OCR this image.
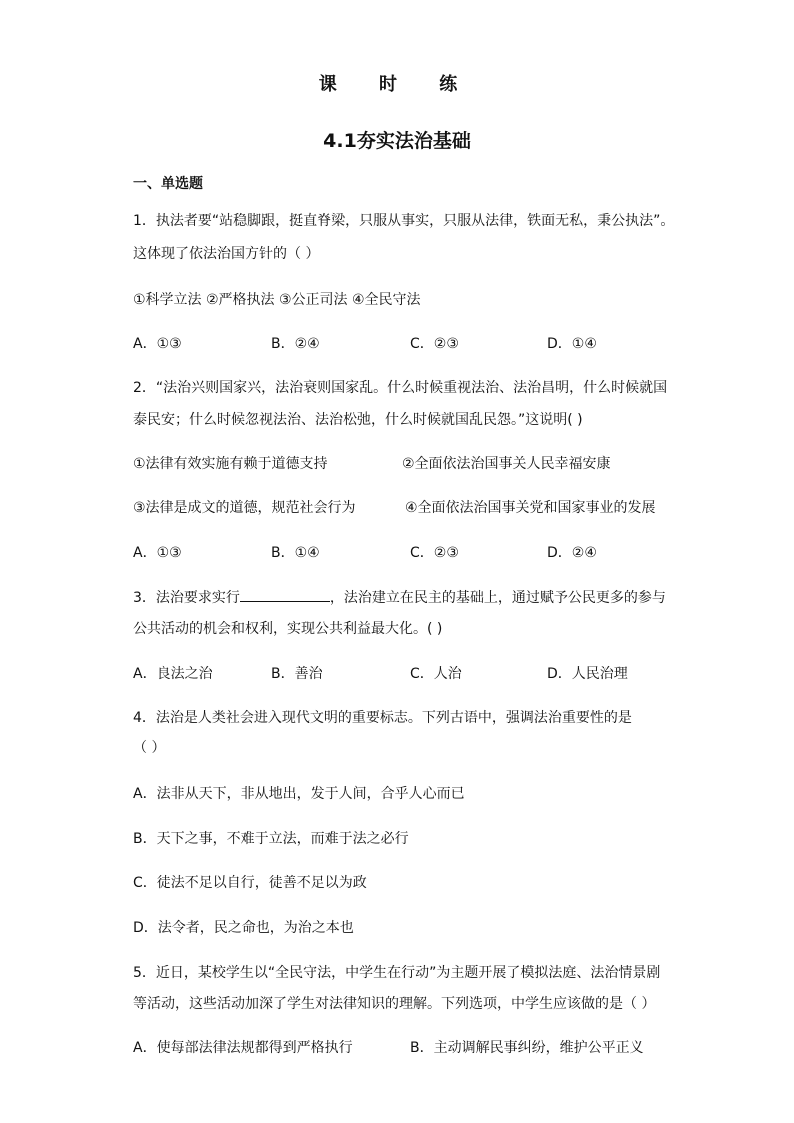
课 时 练
4.1夯实法治基础
一、单选题
1．执法者要“站稳脚跟，挺直脊梁，只服从事实，只服从法律，铁面无私，秉公执法”。
这体现了依法治国方针的（ ）
①科学立法 ②严格执法 ③公正司法 ④全民守法
A．①③	B．②④	C．②③	D．①④
2．“法治兴则国家兴，法治衰则国家乱。什么时候重视法治、法治昌明，什么时候就国
泰民安；什么时候忽视法治、法治松弛，什么时候就国乱民怨。”这说明( )
①法律有效实施有赖于道德支持	②全面依法治国事关人民幸福安康
③法律是成文的道德，规范社会行为	④全面依法治国事关党和国家事业的发展
A．①③	B．①④	C．②③	D．②④
3．法治要求实行	，法治建立在民主的基础上，通过赋予公民更多的参与
公共活动的机会和权利，实现公共利益最大化。( )
A．良法之治	B．善治	C．人治	D．人民治理
4．法治是人类社会进入现代文明的重要标志。下列古语中，强调法治重要性的是
（ ）
A．法非从天下，非从地出，发于人间，合乎人心而已
B．天下之事，不难于立法，而难于法之必行
C．徒法不足以自行，徒善不足以为政
D．法令者，民之命也，为治之本也
5．近日，某校学生以“全民守法，中学生在行动”为主题开展了模拟法庭、法治情景剧
等活动，这些活动加深了学生对法律知识的理解。下列选项，中学生应该做的是（ ）
A．使每部法律法规都得到严格执行	B．主动调解民事纠纷，维护公平正义
